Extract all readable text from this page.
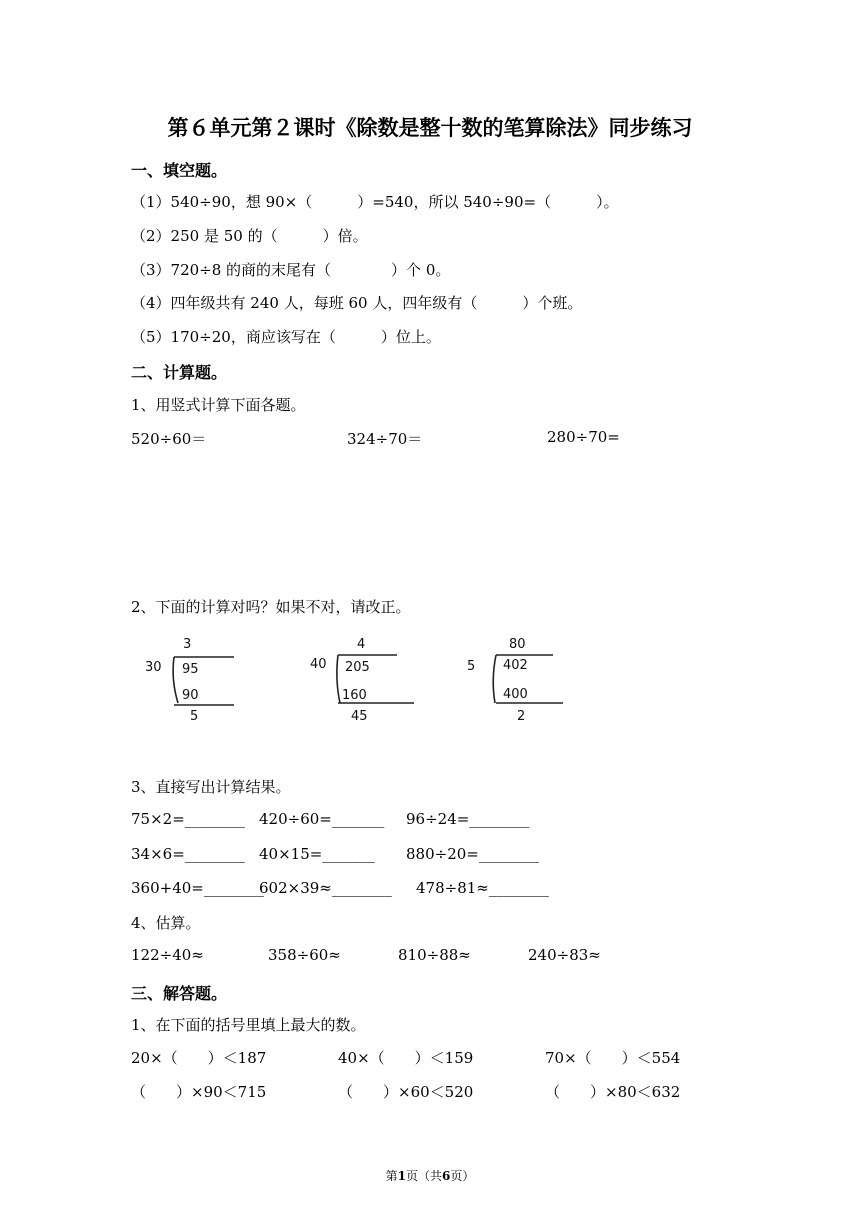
第６单元第２课时《除数是整十数的笔算除法》同步练习
一、填空题。
（1）540÷90，想 90×（　　　）=540，所以 540÷90=（　　　）。
（2）250 是 50 的（　　　）倍。
（3）720÷8 的商的末尾有（　　　　）个 0。
（4）四年级共有 240 人，每班 60 人，四年级有（　　　）个班。
（5）170÷20，商应该写在（　　　）位上。
二、计算题。
1、用竖式计算下面各题。
520÷60＝	324÷70＝	280÷70=
2、下面的计算对吗？如果不对，请改正。
3
30 95
90
5
4
40 205
160
45
80
5 402
400
2
3、直接写出计算结果。
75×2=________ 420÷60=_______ 96÷24=________
34×6=________ 40×15=_______ 880÷20=________
360+40=________
602×39≈________ 478÷81≈________
4、估算。
122÷40≈	358÷60≈	810÷88≈	240÷83≈
三、解答题。
1、在下面的括号里填上最大的数。
20×（　　）＜187	40×（　　）＜159	70×（　　）＜554
（　　）×90＜715	（　　）×60＜520	（　　）×80＜632
第1页（共6页）
